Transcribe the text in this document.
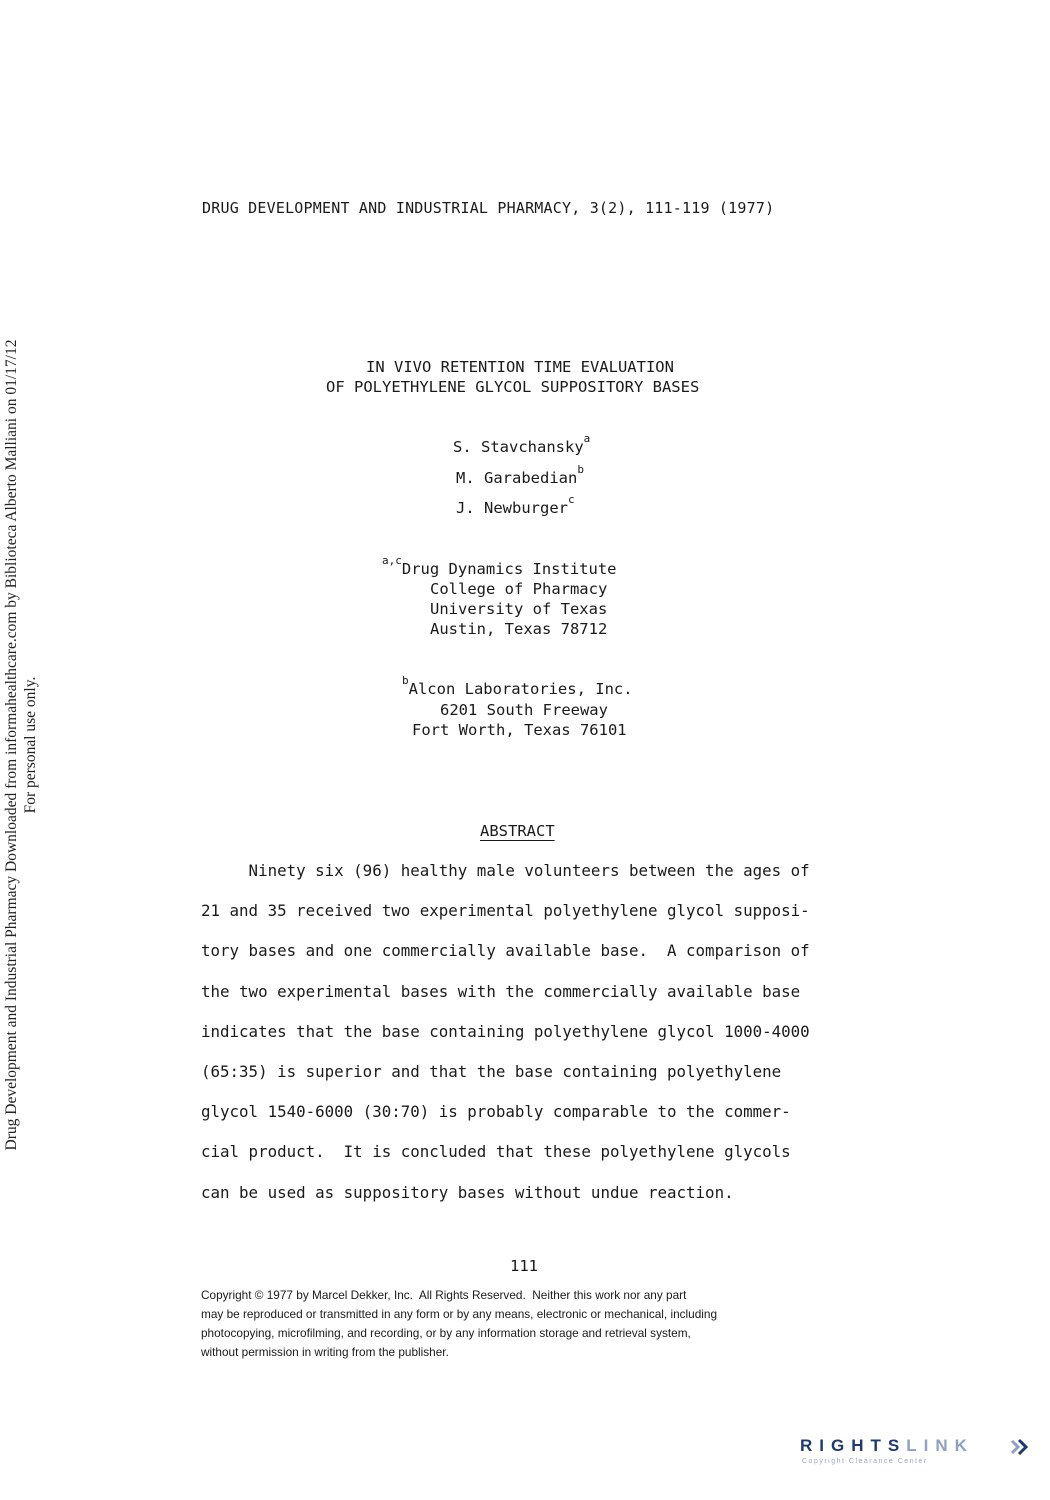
Drug Development and Industrial Pharmacy Downloaded from informahealthcare.com by Biblioteca Alberto Malliani on 01/17/12 For personal use only.
DRUG DEVELOPMENT AND INDUSTRIAL PHARMACY, 3(2), 111-119 (1977)
IN VIVO RETENTION TIME EVALUATION
OF POLYETHYLENE GLYCOL SUPPOSITORY BASES
S. Stavchansky$^a$
M. Garabedian$^b$
J. Newburger$^c$
$^{a,c}$Drug Dynamics Institute
College of Pharmacy
University of Texas
Austin, Texas 78712
$^b$Alcon Laboratories, Inc.
6201 South Freeway
Fort Worth, Texas 76101
ABSTRACT
Ninety six (96) healthy male volunteers between the ages of
21 and 35 received two experimental polyethylene glycol supposi-
tory bases and one commercially available base.  A comparison of
the two experimental bases with the commercially available base
indicates that the base containing polyethylene glycol 1000-4000
(65:35) is superior and that the base containing polyethylene
glycol 1540-6000 (30:70) is probably comparable to the commer-
cial product.  It is concluded that these polyethylene glycols
can be used as suppository bases without undue reaction.
111
Copyright © 1977 by Marcel Dekker, Inc.  All Rights Reserved.  Neither this work nor any part
may be reproduced or transmitted in any form or by any means, electronic or mechanical, including
photocopying, microfilming, and recording, or by any information storage and retrieval system,
without permission in writing from the publisher.
RIGHTSLINK
Copyright Clearance Center
